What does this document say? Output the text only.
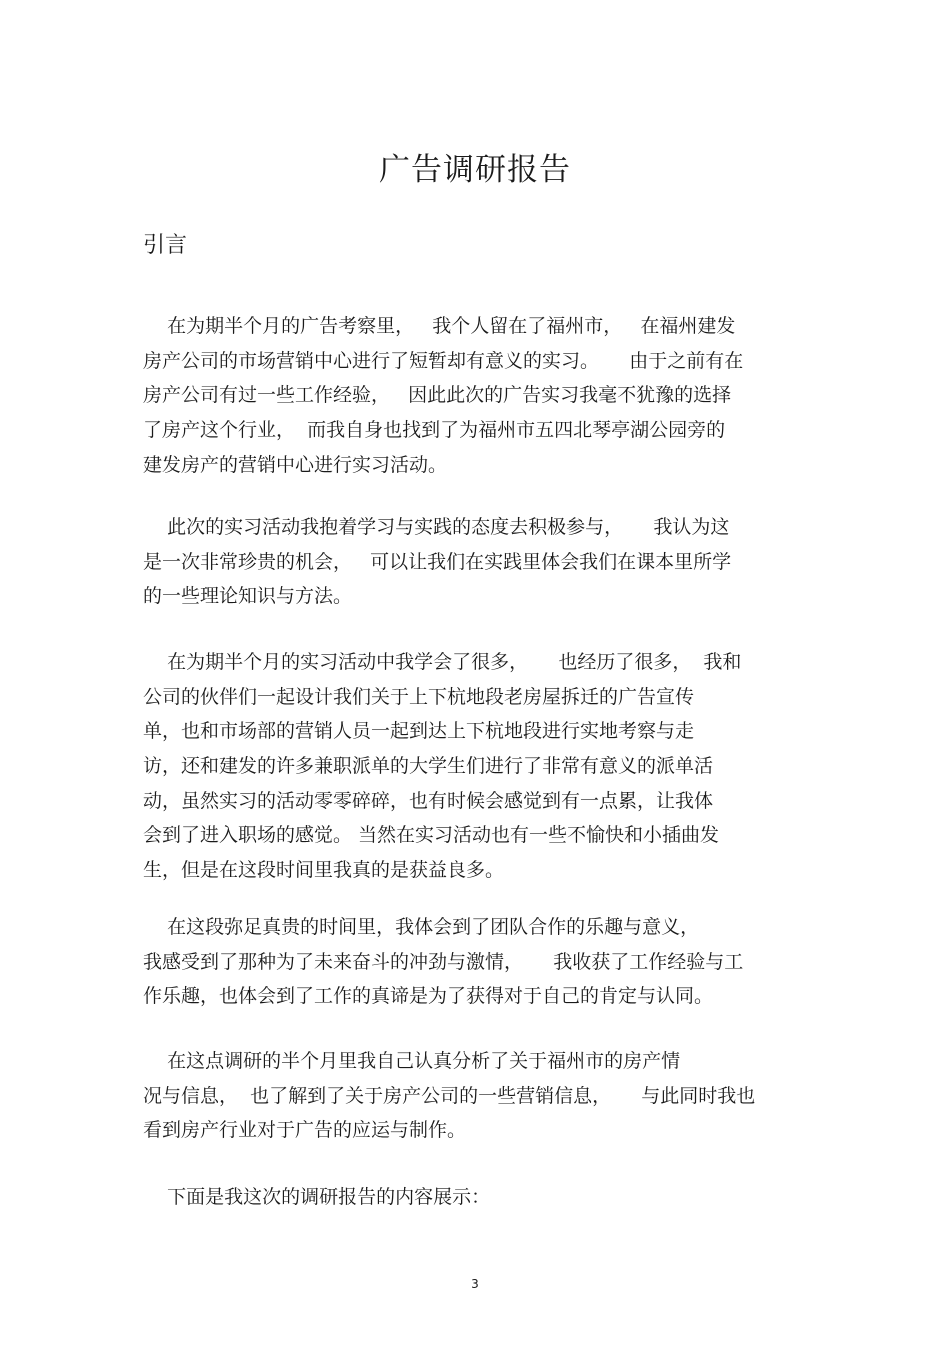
广告调研报告
引言
在为期半个月的广告考察里，   我个人留在了福州市，   在福州建发
房产公司的市场营销中心进行了短暂却有意义的实习。     由于之前有在
房产公司有过一些工作经验，   因此此次的广告实习我毫不犹豫的选择
了房产这个行业，  而我自身也找到了为福州市五四北琴亭湖公园旁的
建发房产的营销中心进行实习活动。
此次的实习活动我抱着学习与实践的态度去积极参与，     我认为这
是一次非常珍贵的机会，   可以让我们在实践里体会我们在课本里所学
的一些理论知识与方法。
在为期半个月的实习活动中我学会了很多，     也经历了很多，  我和
公司的伙伴们一起设计我们关于上下杭地段老房屋拆迁的广告宣传
单，也和市场部的营销人员一起到达上下杭地段进行实地考察与走
访，还和建发的许多兼职派单的大学生们进行了非常有意义的派单活
动，虽然实习的活动零零碎碎，也有时候会感觉到有一点累，让我体
会到了进入职场的感觉。 当然在实习活动也有一些不愉快和小插曲发
生，但是在这段时间里我真的是获益良多。
在这段弥足真贵的时间里，我体会到了团队合作的乐趣与意义，
我感受到了那种为了未来奋斗的冲劲与激情，     我收获了工作经验与工
作乐趣，也体会到了工作的真谛是为了获得对于自己的肯定与认同。
在这点调研的半个月里我自己认真分析了关于福州市的房产情
况与信息，  也了解到了关于房产公司的一些营销信息，     与此同时我也
看到房产行业对于广告的应运与制作。
下面是我这次的调研报告的内容展示：
3
